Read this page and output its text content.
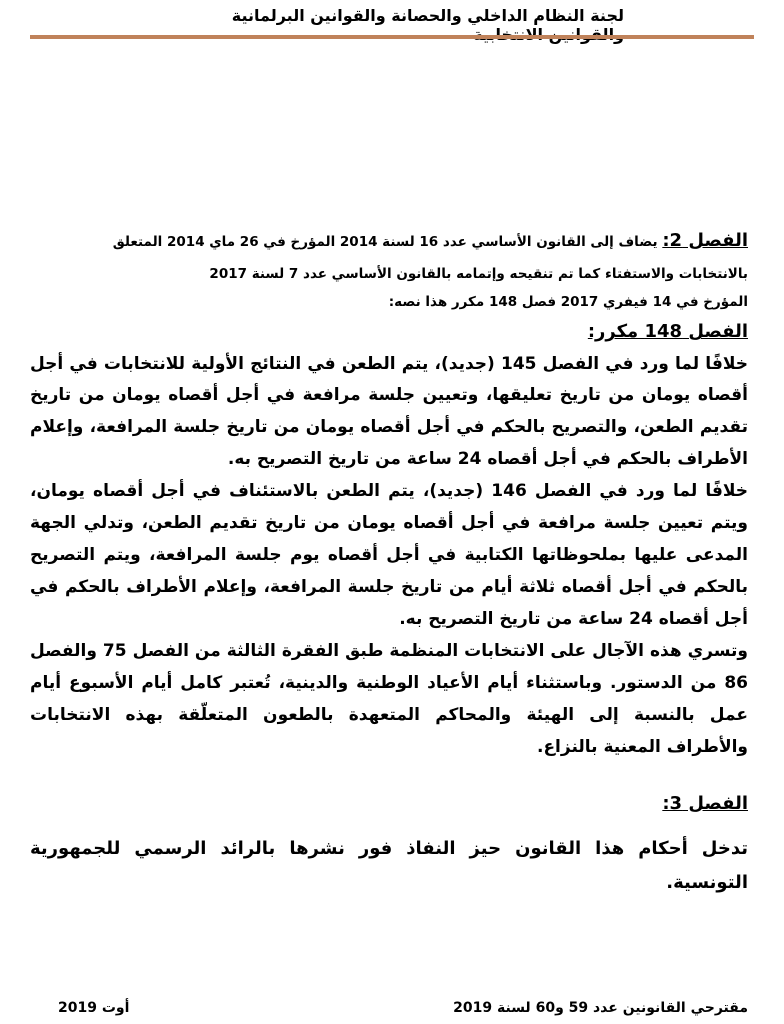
لجنة النظام الداخلي والحصانة والقوانين البرلمانية

الفصل 2: يضاف إلى القانون الأساسي عدد 16 لسنة 2014 المؤرخ في 26 ماي 2014 المتعلق

بالانتخابات والاستفتاء كما تم تنقيحه وإتمامه بالقانون الأساسي عدد 7 لسنة 2017

المؤرخ في 14 فيفري 2017 فصل 148 مكرر هذا نصه:

الفصل 148 مكرر:

خلافًا لما ورد في الفصل 145 (جديد)، يتم الطعن في النتائج الأولية للانتخابات في أجل أقصاه يومان من تاريخ تعليقها، وتعيين جلسة مرافعة في أجل أقصاه يومان من تاريخ تقديم الطعن، والتصريح بالحكم في أجل أقصاه يومان من تاريخ جلسة المرافعة، وإعلام الأطراف بالحكم في أجل أقصاه 24 ساعة من تاريخ التصريح به.

خلافًا لما ورد في الفصل 146 (جديد)، يتم الطعن بالاستئناف في أجل أقصاه يومان، ويتم تعيين جلسة مرافعة في أجل أقصاه يومان من تاريخ تقديم الطعن، وتدلي الجهة المدعى عليها بملحوظاتها الكتابية في أجل أقصاه يوم جلسة المرافعة، ويتم التصريح بالحكم في أجل أقصاه ثلاثة أيام من تاريخ جلسة المرافعة، وإعلام الأطراف بالحكم في أجل أقصاه 24 ساعة من تاريخ التصريح به.

وتسري هذه الآجال على الانتخابات المنظمة طبق الفقرة الثالثة من الفصل 75 والفصل 86 من الدستور. وباستثناء أيام الأعياد الوطنية والدينية، تُعتبر كامل أيام الأسبوع أيام عمل بالنسبة إلى الهيئة والمحاكم المتعهدة بالطعون المتعلّقة بهذه الانتخابات والأطراف المعنية بالنزاع.

الفصل 3:

تدخل أحكام هذا القانون حيز النفاذ فور نشرها بالرائد الرسمي للجمهورية التونسية.

أوت 2019	مقترحي القانونين عدد 59 و60 لسنة 2019
